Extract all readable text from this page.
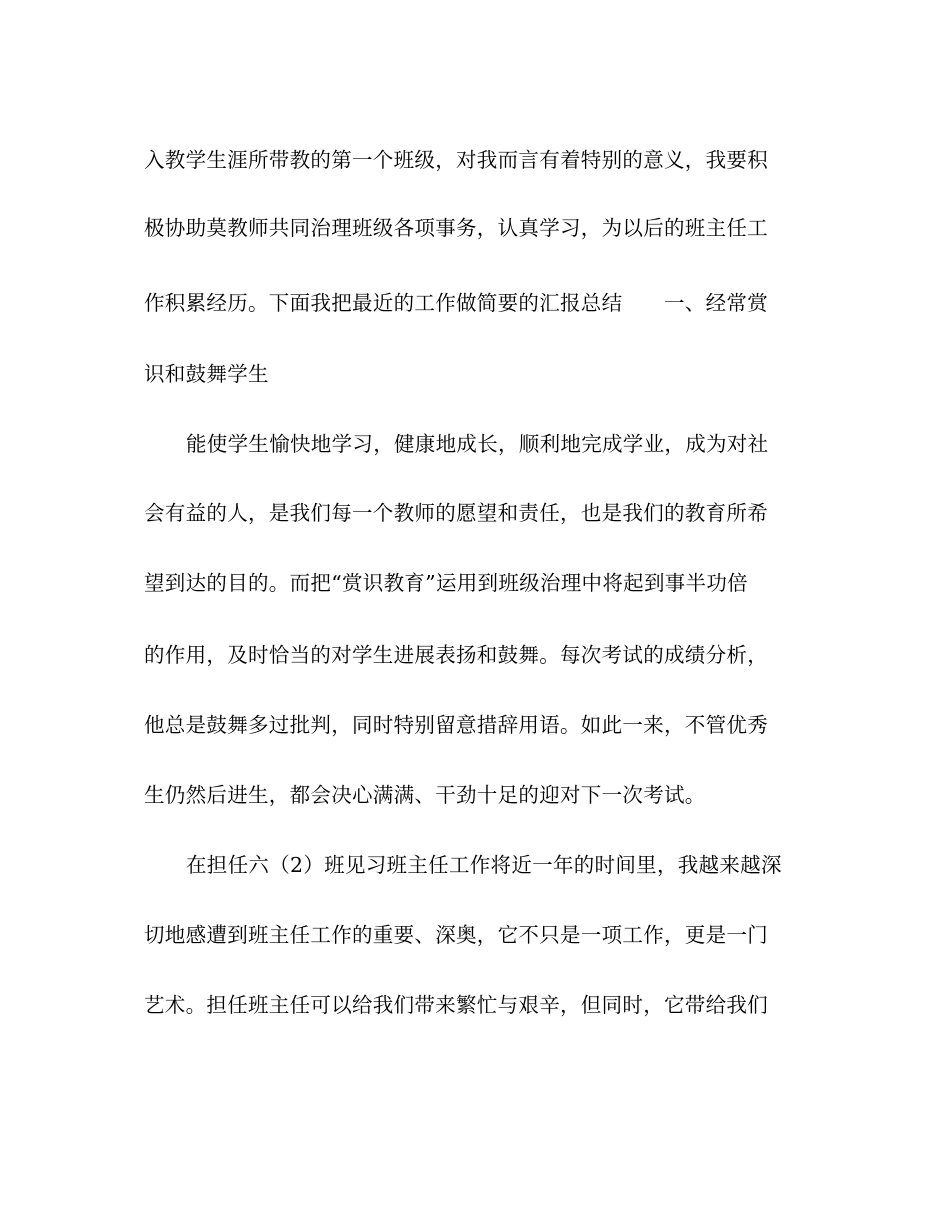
入教学生涯所带教的第一个班级，对我而言有着特别的意义，我要积
极协助莫教师共同治理班级各项事务，认真学习，为以后的班主任工
作积累经历。下面我把最近的工作做简要的汇报总结　　一、经常赏
识和鼓舞学生
能使学生愉快地学习，健康地成长，顺利地完成学业，成为对社
会有益的人，是我们每一个教师的愿望和责任，也是我们的教育所希
望到达的目的。而把“赏识教育”运用到班级治理中将起到事半功倍
的作用，及时恰当的对学生进展表扬和鼓舞。每次考试的成绩分析，
他总是鼓舞多过批判，同时特别留意措辞用语。如此一来，不管优秀
生仍然后进生，都会决心满满、干劲十足的迎对下一次考试。
在担任六（2）班见习班主任工作将近一年的时间里，我越来越深
切地感遭到班主任工作的重要、深奥，它不只是一项工作，更是一门
艺术。担任班主任可以给我们带来繁忙与艰辛，但同时，它带给我们
